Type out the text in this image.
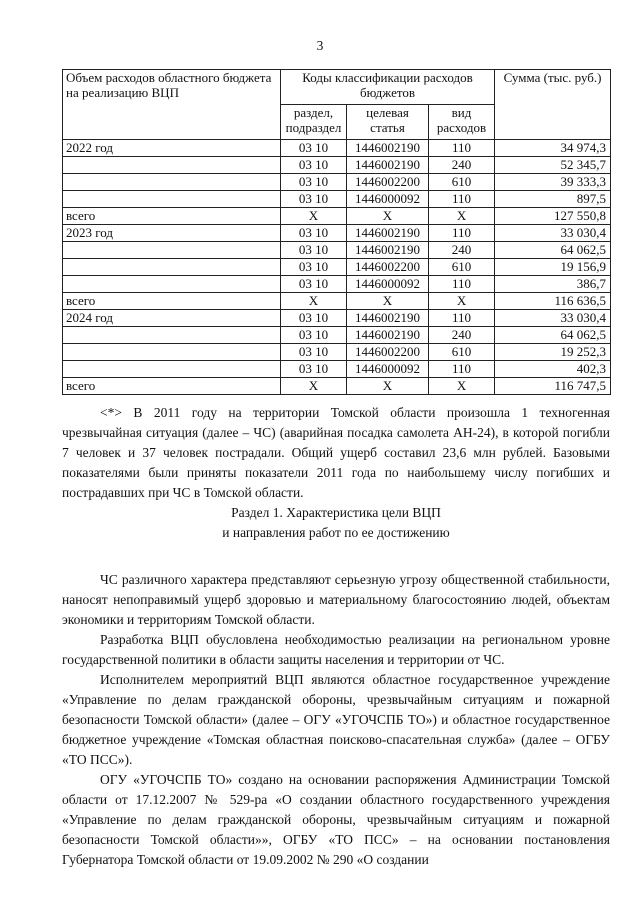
3
Объем расходов областного бюджета на реализацию ВЦП	Коды классификации расходов бюджетов			Сумма (тыс. руб.)
	раздел, подраздел	целевая статья	вид расходов	
2022 год	03 10	1446002190	110	34 974,3
	03 10	1446002190	240	52 345,7
	03 10	1446002200	610	39 333,3
	03 10	1446000092	110	897,5
всего	Х	Х	Х	127 550,8
2023 год	03 10	1446002190	110	33 030,4
	03 10	1446002190	240	64 062,5
	03 10	1446002200	610	19 156,9
	03 10	1446000092	110	386,7
всего	Х	Х	Х	116 636,5
2024 год	03 10	1446002190	110	33 030,4
	03 10	1446002190	240	64 062,5
	03 10	1446002200	610	19 252,3
	03 10	1446000092	110	402,3
всего	Х	Х	Х	116 747,5

<*> В 2011 году на территории Томской области произошла 1 техногенная чрезвычайная ситуация (далее – ЧС) (аварийная посадка самолета АН-24), в которой погибли 7 человек и 37 человек пострадали. Общий ущерб составил 23,6 млн рублей. Базовыми показателями были приняты показатели 2011 года по наибольшему числу погибших и пострадавших при ЧС в Томской области.

Раздел 1. Характеристика цели ВЦП
и направления работ по ее достижению

ЧС различного характера представляют серьезную угрозу общественной стабильности, наносят непоправимый ущерб здоровью и материальному благосостоянию людей, объектам экономики и территориям Томской области.

Разработка ВЦП обусловлена необходимостью реализации на региональном уровне государственной политики в области защиты населения и территории от ЧС.

Исполнителем мероприятий ВЦП являются областное государственное учреждение «Управление по делам гражданской обороны, чрезвычайным ситуациям и пожарной безопасности Томской области» (далее – ОГУ «УГОЧСПБ ТО») и областное государственное бюджетное учреждение «Томская областная поисково-спасательная служба» (далее – ОГБУ «ТО ПСС»).

ОГУ «УГОЧСПБ ТО» создано на основании распоряжения Администрации Томской области от 17.12.2007 № 529-ра «О создании областного государственного учреждения «Управление по делам гражданской обороны, чрезвычайным ситуациям и пожарной безопасности Томской области»», ОГБУ «ТО ПСС» – на основании постановления Губернатора Томской области от 19.09.2002 № 290 «О создании
